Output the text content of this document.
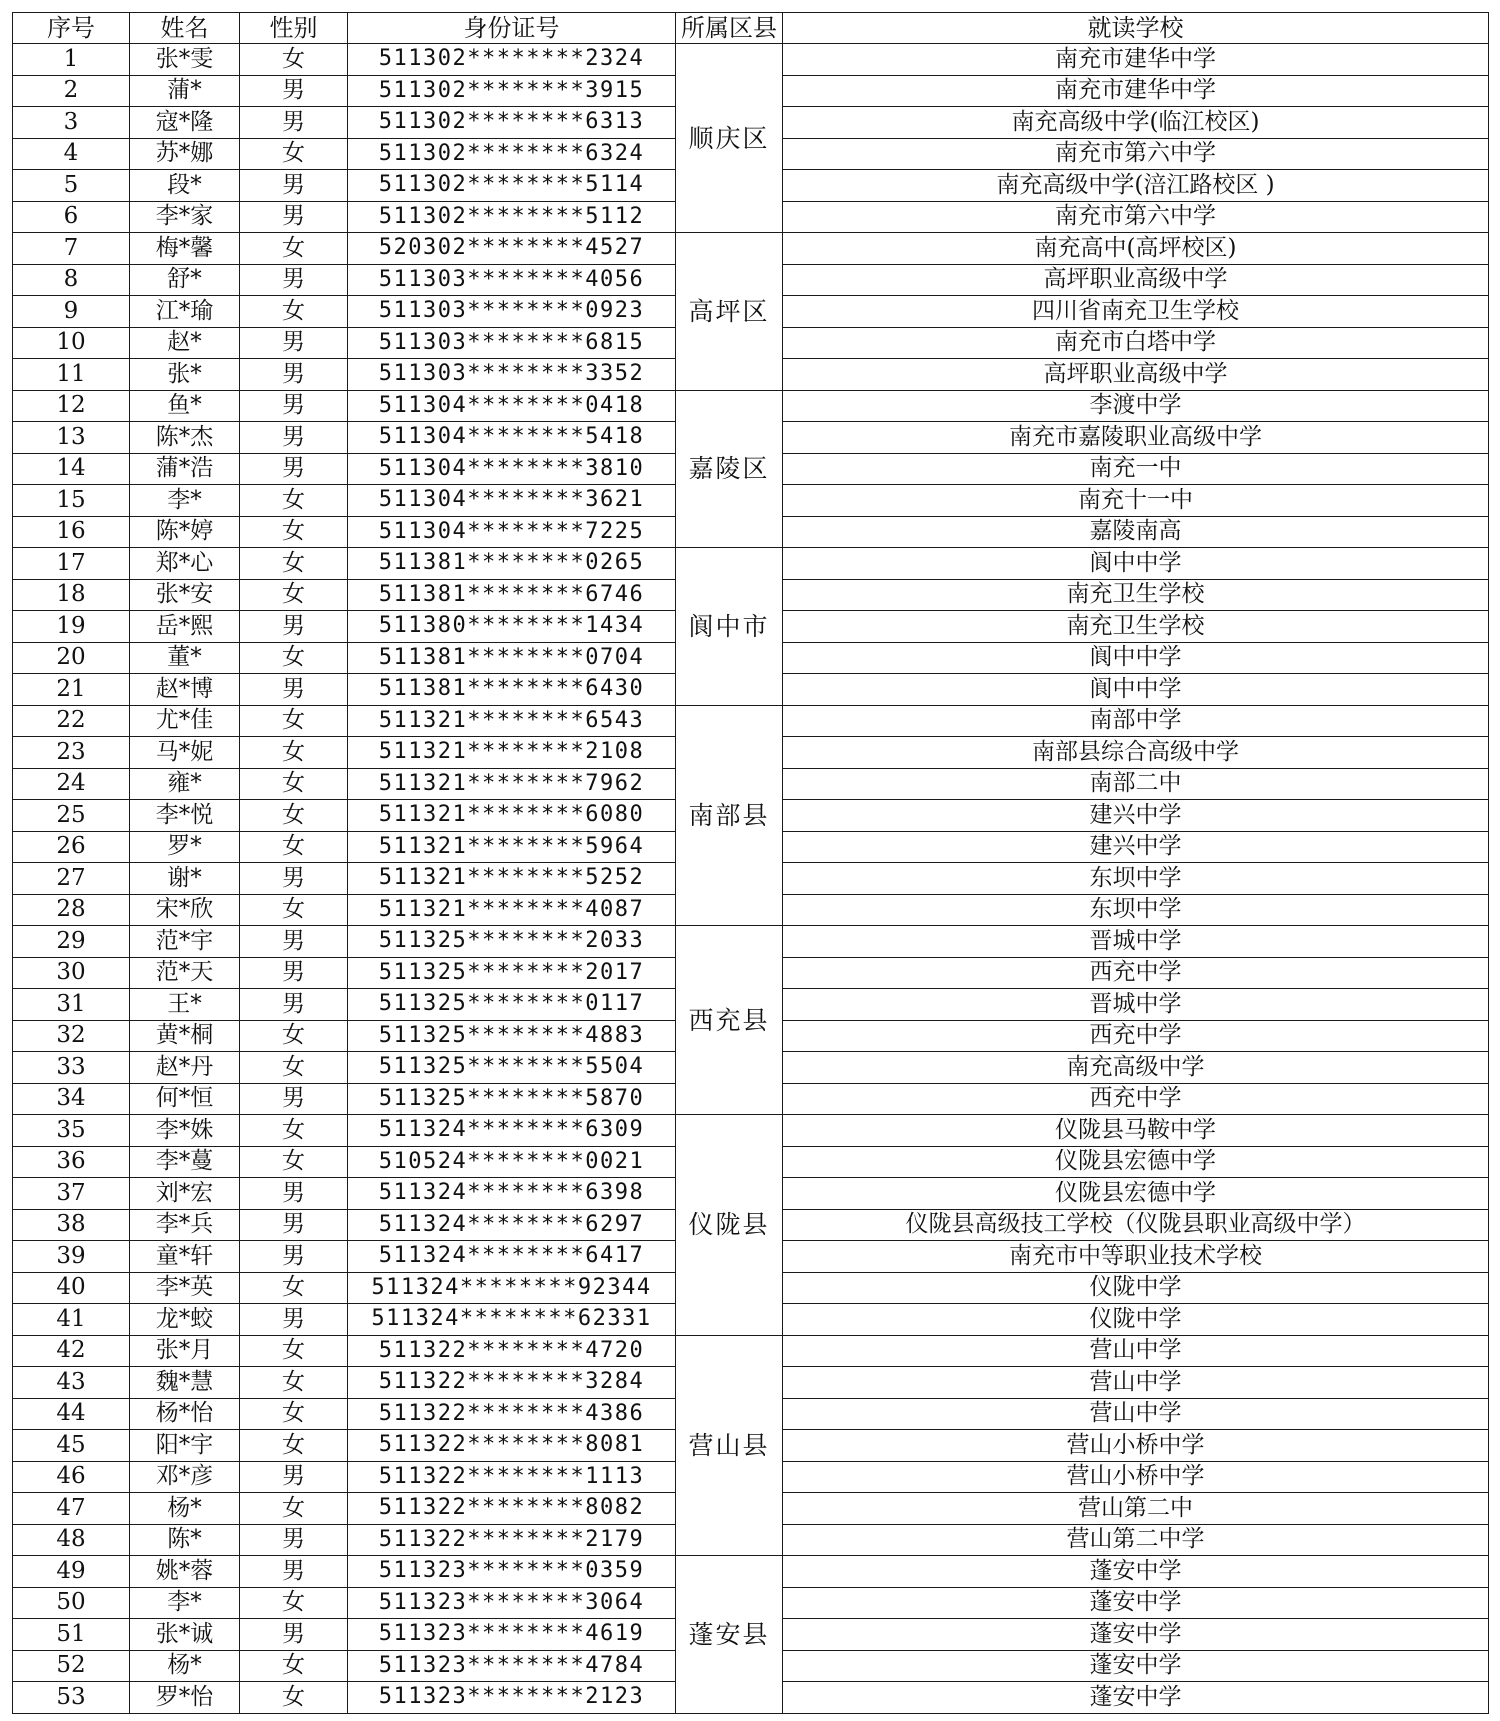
序号	姓名	性别	身份证号	所属区县	就读学校
1	张*雯	女	511302********2324	顺庆区	南充市建华中学
2	蒲*	男	511302********3915		南充市建华中学
3	寇*隆	男	511302********6313		南充高级中学(临江校区)
4	苏*娜	女	511302********6324		南充市第六中学
5	段*	男	511302********5114		南充高级中学(涪江路校区 )
6	李*家	男	511302********5112		南充市第六中学
7	梅*馨	女	520302********4527	高坪区	南充高中(高坪校区)
8	舒*	男	511303********4056		高坪职业高级中学
9	江*瑜	女	511303********0923		四川省南充卫生学校
10	赵*	男	511303********6815		南充市白塔中学
11	张*	男	511303********3352		高坪职业高级中学
12	鱼*	男	511304********0418	嘉陵区	李渡中学
13	陈*杰	男	511304********5418		南充市嘉陵职业高级中学
14	蒲*浩	男	511304********3810		南充一中
15	李*	女	511304********3621		南充十一中
16	陈*婷	女	511304********7225		嘉陵南高
17	郑*心	女	511381********0265	阆中市	阆中中学
18	张*安	女	511381********6746		南充卫生学校
19	岳*熙	男	511380********1434		南充卫生学校
20	董*	女	511381********0704		阆中中学
21	赵*博	男	511381********6430		阆中中学
22	尤*佳	女	511321********6543	南部县	南部中学
23	马*妮	女	511321********2108		南部县综合高级中学
24	雍*	女	511321********7962		南部二中
25	李*悦	女	511321********6080		建兴中学
26	罗*	女	511321********5964		建兴中学
27	谢*	男	511321********5252		东坝中学
28	宋*欣	女	511321********4087		东坝中学
29	范*宇	男	511325********2033	西充县	晋城中学
30	范*天	男	511325********2017		西充中学
31	王*	男	511325********0117		晋城中学
32	黄*桐	女	511325********4883		西充中学
33	赵*丹	女	511325********5504		南充高级中学
34	何*恒	男	511325********5870		西充中学
35	李*姝	女	511324********6309	仪陇县	仪陇县马鞍中学
36	李*蔓	女	510524********0021		仪陇县宏德中学
37	刘*宏	男	511324********6398		仪陇县宏德中学
38	李*兵	男	511324********6297		仪陇县高级技工学校（仪陇县职业高级中学）
39	童*轩	男	511324********6417		南充市中等职业技术学校
40	李*英	女	511324********92344		仪陇中学
41	龙*蛟	男	511324********62331		仪陇中学
42	张*月	女	511322********4720	营山县	营山中学
43	魏*慧	女	511322********3284		营山中学
44	杨*怡	女	511322********4386		营山中学
45	阳*宇	女	511322********8081		营山小桥中学
46	邓*彦	男	511322********1113		营山小桥中学
47	杨*	女	511322********8082		营山第二中
48	陈*	男	511322********2179		营山第二中学
49	姚*蓉	男	511323********0359	蓬安县	蓬安中学
50	李*	女	511323********3064		蓬安中学
51	张*诚	男	511323********4619		蓬安中学
52	杨*	女	511323********4784		蓬安中学
53	罗*怡	女	511323********2123		蓬安中学
